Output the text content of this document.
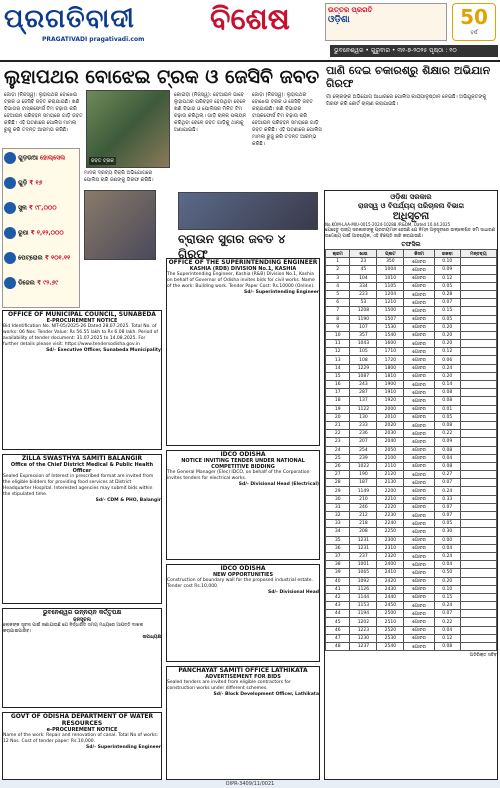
ପ୍ରଗତିବାଦୀ
PRAGATIVADI pragativadi.com
ବିଶେଷ	ଉତ୍ତର ପ୍ରଗତି
ଓଡ଼ିଶା	50
ବର୍ଷ
ଭୁବନେଶ୍ୱର • ଗୁରୁବାର • ୩୧-୭-୨୦୨୫ ପୃଷ୍ଠା : ୧୦
ଲୁହାପଥର ବୋଝେଇ ଟ୍ରକ ଓ ଜେସିବି ଜବତ
ଜୋଡ଼ା (ନିଜସ୍ୱ): ଲୁହାପଥର ବୋଝେଇ ଟ୍ରକ ଓ ଜେସିବି ଜବତ କରାଯାଇଛି। ଖଣି ବିଭାଗର ଟାସ୍କଫୋର୍ସ ଟିମ ଚଢ଼ାଉ କରି ବେଆଇନ ପରିବହନ ସମୟରେ ଗାଡ଼ି ଜବତ କରିଛି। ଏହି ଘଟଣାରେ ପୋଲିସ ମାମଲା ରୁଜୁ କରି ତଦନ୍ତ ଆରମ୍ଭ କରିଛି।
ଜବତ ଟ୍ରକ
କୋଇଡ଼ା (ନିଜସ୍ୱ): ବେଆଇନ ଭାବେ ଲୁହାପଥର ପରିବହନ ହେଉଥିବା ବେଳେ ଖଣି ବିଭାଗ ଓ ପୋଲିସର ମିଳିତ ଟିମ ଚଢ଼ାଉ କରିଥିଲା। ଗାଡ଼ି ଚାଳକ ପଳାୟନ କରିଥିବା ବେଳେ ଜବତ ଗାଡ଼ିକୁ ଥାନାକୁ ଅଣାଯାଇଛି।
ଜୋଡ଼ା (ନିଜସ୍ୱ): ଲୁହାପଥର ବୋଝେଇ ଟ୍ରକ ଓ ଜେସିବି ଜବତ କରାଯାଇଛି। ଖଣି ବିଭାଗର ଟାସ୍କଫୋର୍ସ ଟିମ ଚଢ଼ାଉ କରି ବେଆଇନ ପରିବହନ ସମୟରେ ଗାଡ଼ି ଜବତ କରିଛି। ଏହି ଘଟଣାରେ ପୋଲିସ ମାମଲା ରୁଜୁ କରି ତଦନ୍ତ ଆରମ୍ଭ କରିଛି।
ପାଣି ଦେଇ ଚକାରଶ୍ରୁ ଶିକ୍ଷାର ଅଭିଯାନ ଗିରଫ
ଗାଁ ଲୋକଙ୍କ ଅଭିଯୋଗ ଆଧାରରେ ପୋଲିସ କାର୍ଯ୍ୟାନୁଷ୍ଠାନ ନେଇଛି। ଅଭିଯୁକ୍ତଙ୍କୁ ଗିରଫ କରି କୋର୍ଟ ଚାଲାଣ କରାଯାଇଛି।
ଗୁଡ଼ଉଆ ହୋଲ୍‌ସେଲ
ଗୁଡ଼ି ₹ ୧୬
ସୁନା ₹ ୯୮,୦୦୦
ରୂପା ₹ ୧,୧୨,୦୦୦
ପେଟ୍ରୋଲ ₹ ୧୦୧.୧୧
ଡିଜେଲ ₹ ୯୨.୬୯
ମାଦକ ଦ୍ରବ୍ୟ ବିକ୍ରି ଅଭିଯୋଗରେ ପୋଲିସ ଚାରି ଜଣଙ୍କୁ ଗିରଫ କରିଛି।
ବ୍ରାଉନ ସୁଗର ଜବତ ୪ ଗିରଫ
ଓଡ଼ିଶା ସରକାର
ରାଜସ୍ୱ ଓ ବିପର୍ଯ୍ୟୟ ପରିଚାଳନା ବିଭାଗ
ଅଧିସୂଚନା

No.KOM-LAA-MIU-0015-2024-10288 /R&DM, Dated 10.04.2025

ଯେହେତୁ ରାଜ୍ୟ ସରକାରଙ୍କୁ ପ୍ରତୀୟମାନ ହେଉଛି ଯେ ନିମ୍ନ ଅନୁସୂଚୀରେ ଉଲ୍ଲେଖିତ ଜମି ସାଧାରଣ ଉଦ୍ଦେଶ୍ୟ ପାଇଁ ଆବଶ୍ୟକ, ଏହି ବିଜ୍ଞପ୍ତି ଜାରି କରାଯାଉଛି।

ତଫସିଲ
କ୍ରମ	ଖାତା	ପ୍ଲଟ	କିସମ	ରକବା	ମନ୍ତବ୍ୟ
1	23	350	ଗୋଚର	0.10	
2	45	1004	ଗୋଚର	0.09	
3	104	1010	ଗୋଚର	0.12	
4	334	1105	ଗୋଚର	0.05	
5	223	1204	ଗୋଚର	0.28	
6	53	1210	ଗୋଚର	0.07	
7	1208	1500	ଗୋଚର	0.15	
8	1190	1507	ଗୋଚର	0.05	
9	107	1530	ଗୋଚର	0.20	
10	357	1540	ଗୋଚର	0.20	
11	1043	1600	ଗୋଚର	0.20	
12	105	1710	ଗୋଚର	0.12	
13	108	1720	ଗୋଚର	0.06	
14	1229	1800	ଗୋଚର	0.24	
15	1087	1810	ଗୋଚର	0.20	
16	243	1900	ଗୋଚର	0.14	
17	287	1910	ଗୋଚର	0.08	
18	137	1920	ଗୋଚର	0.08	
19	1122	2000	ଗୋଚର	0.01	
20	130	2010	ଗୋଚର	0.05	
21	233	2020	ଗୋଚର	0.08	
22	236	2030	ଗୋଚର	0.22	
23	207	2040	ଗୋଚର	0.09	
24	254	2050	ଗୋଚର	0.08	
25	239	2100	ଗୋଚର	0.04	
26	1022	2110	ଗୋଚର	0.08	
27	190	2120	ଗୋଚର	0.27	
28	187	2130	ଗୋଚର	0.07	
29	1149	2200	ଗୋଚର	0.24	
30	210	2210	ଗୋଚର	0.33	
31	246	2220	ଗୋଚର	0.07	
32	212	2230	ଗୋଚର	0.07	
33	218	2240	ଗୋଚର	0.05	
34	208	2250	ଗୋଚର	0.30	
35	1231	2300	ଗୋଚର	0.00	
36	1231	2310	ଗୋଚର	0.04	
37	237	2320	ଗୋଚର	0.24	
38	1001	2400	ଗୋଚର	0.04	
39	1065	2410	ଗୋଚର	0.50	
40	1092	2420	ଗୋଚର	0.20	
41	1126	2430	ଗୋଚର	0.10	
42	1144	2440	ଗୋଚର	0.15	
43	1153	2450	ଗୋଚର	0.24	
44	1194	2500	ଗୋଚର	0.07	
45	1202	2510	ଗୋଚର	0.22	
46	1223	2520	ଗୋଚର	0.04	
47	1230	2530	ଗୋଚର	0.12	
48	1237	2540	ଗୋଚର	0.08	

ଅତିରିକ୍ତ ସଚିବ

OFFICE OF MUNICIPAL COUNCIL, SUNABEDA
E-PROCUREMENT NOTICE

Bid Identification No. NIT-05/2025-26 Dated 28.07.2025. Total No. of works: 06 Nos. Tender Value: Rs 56.55 lakh to Rs 6.08 lakh. Period of availability of tender document: 31.07.2025 to 14.08.2025. For further details please visit: https://www.tendersodisha.gov.in

Sd/- Executive Officer, Sunabeda Municipality

ZILLA SWASTHYA SAMITI BALANGIR
Office of the Chief District Medical & Public Health Officer

Sealed Expression of Interest in prescribed format are invited from the eligible bidders for providing food services at District Headquarter Hospital. Interested agencies may submit bids within the stipulated time.

Sd/- CDM & PHO, Balangir

ଭୁବନେଶ୍ୱର ଉନ୍ନୟନ କର୍ତ୍ତୃପକ୍ଷ
ଜନସୂଚନା

ଲୋକଙ୍କ ସୂଚନା ପାଇଁ ଜଣାଯାଉଛି ଯେ ନିର୍ଦ୍ଧାରିତ ସମୟ ମଧ୍ୟରେ ଆପତ୍ତି ଦାଖଲ କରାଯାଇପାରିବ।

ଉପାଧ୍ୟକ୍ଷ

GOVT OF ODISHA DEPARTMENT OF WATER RESOURCES
e-PROCUREMENT NOTICE

Name of the work: Repair and renovation of canal. Total No of works: 12 Nos. Cost of tender paper: Rs.10,000.

Sd/- Superintending Engineer

OFFICE OF THE SUPERINTENDING ENGINEER
KASHIA (RDB) DIVISION No.1, KASHIA

The Superintending Engineer, Kashia (R&B) Division No.1, Kashia on behalf of Governor of Odisha invites bids for civil works. Name of the work: Building work. Tender Paper Cost: Rs.10000 (Online).

Sd/- Superintending Engineer

IDCO ODISHA
NOTICE INVITING TENDER UNDER NATIONAL COMPETITIVE BIDDING

The General Manager (Elec) IDCO, on behalf of the Corporation invites tenders for electrical works.

Sd/- Divisional Head (Electrical)

IDCO ODISHA
NEW OPPORTUNITIES

Construction of boundary wall for the proposed industrial estate. Tender cost Rs.10,000.

Sd/- Divisional Head

PANCHAYAT SAMITI OFFICE LATHIKATA
ADVERTISEMENT FOR BIDS

Sealed tenders are invited from eligible contractors for construction works under different schemes.

Sd/- Block Development Officer, Lathikata

OIPR-3409/11/0021
